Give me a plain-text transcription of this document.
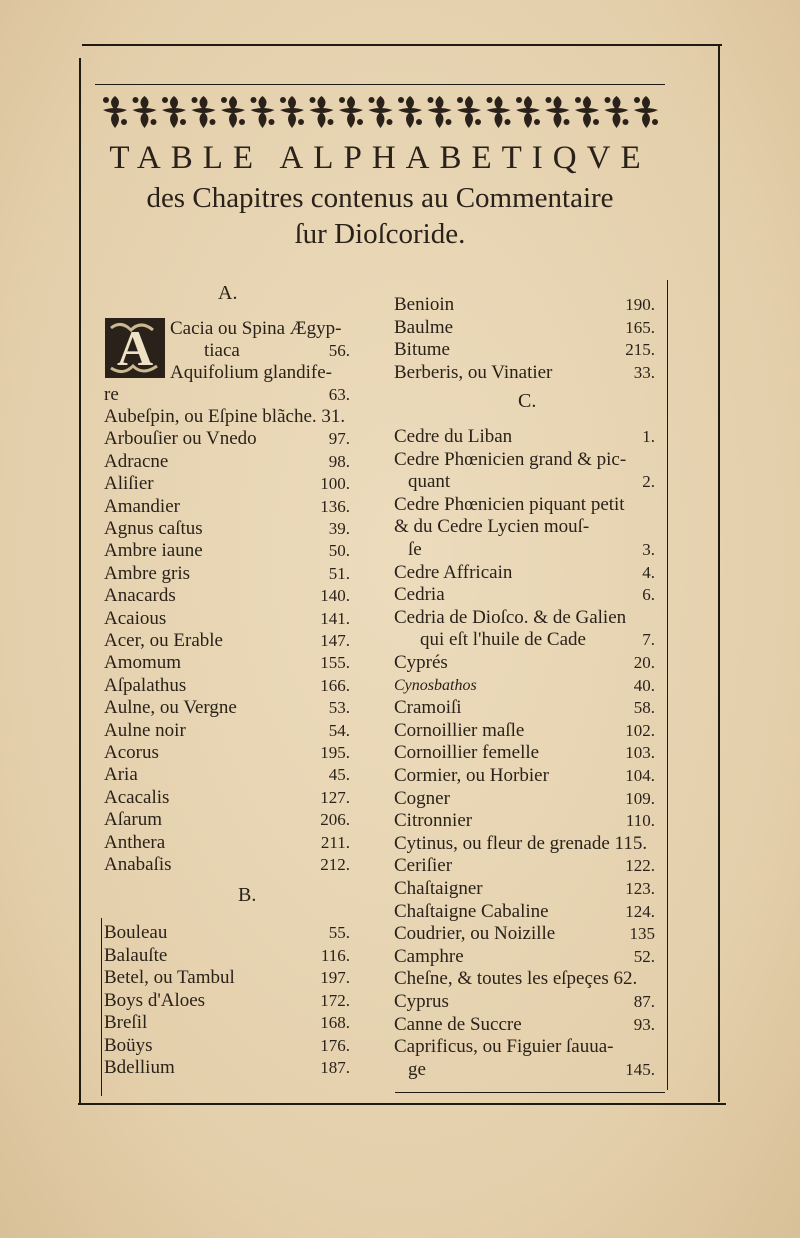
TABLE ALPHABETIQVE
des Chapitres contenus au Commentaire
ſur Dioſcoride.
A.
A Cacia ou Spina Ægyp-
tiaca	56.
Aquifolium glandife-
re	63.
Aubeſpin, ou Eſpine blãche. 31.
Arbouſier ou Vnedo	97.
Adracne	98.
Aliſier	100.
Amandier	136.
Agnus caſtus	39.
Ambre iaune	50.
Ambre gris	51.
Anacards	140.
Acaious	141.
Acer, ou Erable	147.
Amomum	155.
Aſpalathus	166.
Aulne, ou Vergne	53.
Aulne noir	54.
Acorus	195.
Aria	45.
Acacalis	127.
Aſarum	206.
Anthera	211.
Anabaſis	212.
B.
Bouleau	55.
Balauſte	116.
Betel, ou Tambul	197.
Boys d'Aloes	172.
Breſil	168.
Boüys	176.
Bdellium	187.
Benioin	190.
Baulme	165.
Bitume	215.
Berberis, ou Vinatier	33.
C.
Cedre du Liban	1.
Cedre Phœnicien grand & pic-
quant	2.
Cedre Phœnicien piquant petit
& du Cedre Lycien mouſ-
ſe	3.
Cedre Affricain	4.
Cedria	6.
Cedria de Dioſco. & de Galien
qui eſt l'huile de Cade	7.
Cyprés	20.
Cynosbathos	40.
Cramoiſi	58.
Cornoillier maſle	102.
Cornoillier femelle	103.
Cormier, ou Horbier	104.
Cogner	109.
Citronnier	110.
Cytinus, ou fleur de grenade 115.
Ceriſier	122.
Chaſtaigner	123.
Chaſtaigne Cabaline	124.
Coudrier, ou Noizille	135
Camphre	52.
Cheſne, & toutes les eſpeçes 62.
Cyprus	87.
Canne de Succre	93.
Caprificus, ou Figuier ſauua-
ge	145.
